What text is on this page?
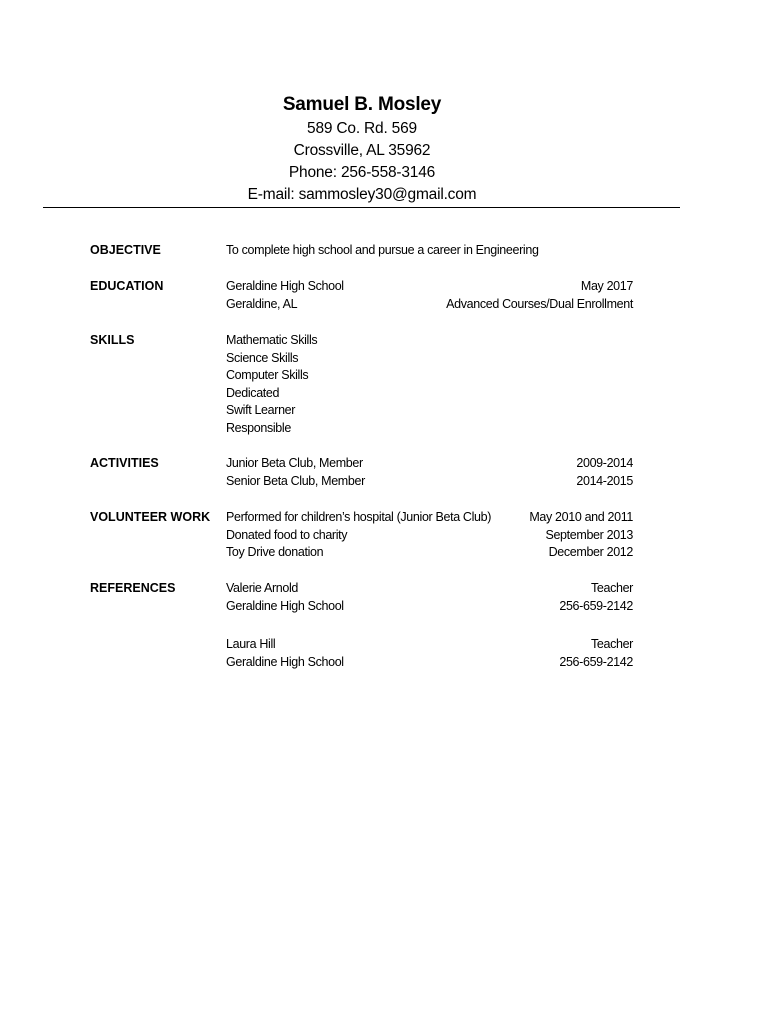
Samuel B. Mosley
589 Co. Rd. 569
Crossville, AL 35962
Phone: 256-558-3146
E-mail: sammosley30@gmail.com
OBJECTIVE	To complete high school and pursue a career in Engineering
EDUCATION	Geraldine High School	May 2017
Geraldine, AL	Advanced Courses/Dual Enrollment
SKILLS	Mathematic Skills
Science Skills
Computer Skills
Dedicated
Swift Learner
Responsible
ACTIVITIES	Junior Beta Club, Member	2009-2014
Senior Beta Club, Member	2014-2015
VOLUNTEER WORK Performed for children’s hospital (Junior Beta Club)	May 2010 and 2011
Donated food to charity	September 2013
Toy Drive donation	December 2012
REFERENCES	Valerie Arnold	Teacher
Geraldine High School	256-659-2142
Laura Hill	Teacher
Geraldine High School	256-659-2142
